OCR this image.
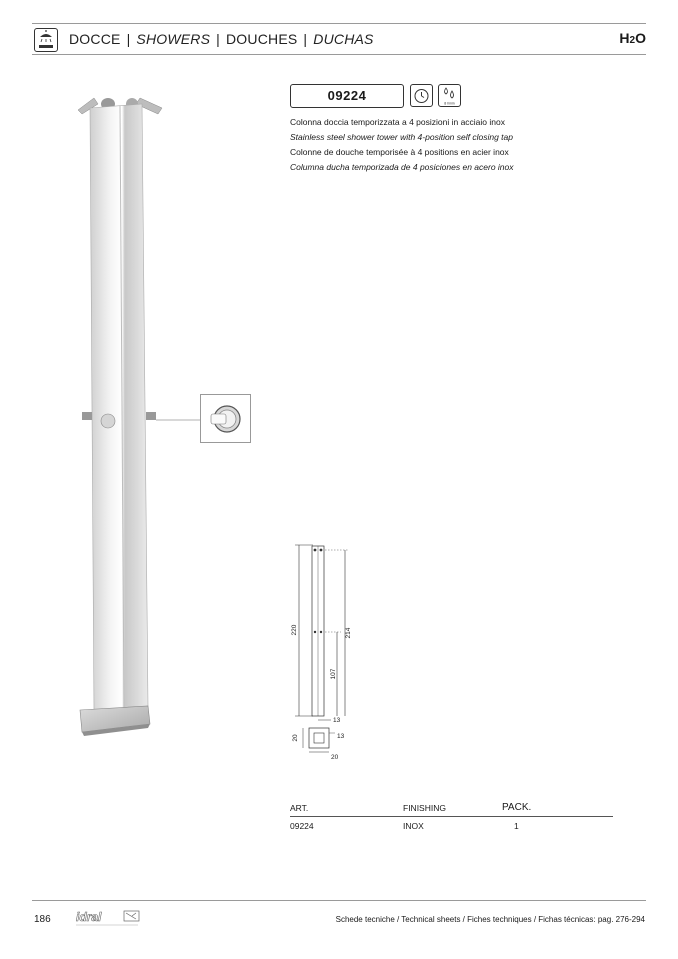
DOCCE | SHOWERS | DOUCHES | DUCHAS	H2O
09224
8 l/min
Colonna doccia temporizzata a 4 posizioni in acciaio inox
Stainless steel shower tower with 4-position self closing tap
Colonne de douche temporisée à 4 positions en acier inox
Columna ducha temporizada de 4 posiciones en acero inox
220	214
107
13
20	13
20
ART.	FINISHING	PACK.
09224	INOX	1
186 idral	Schede tecniche / Technical sheets / Fiches techniques / Fichas técnicas: pag. 276-294
